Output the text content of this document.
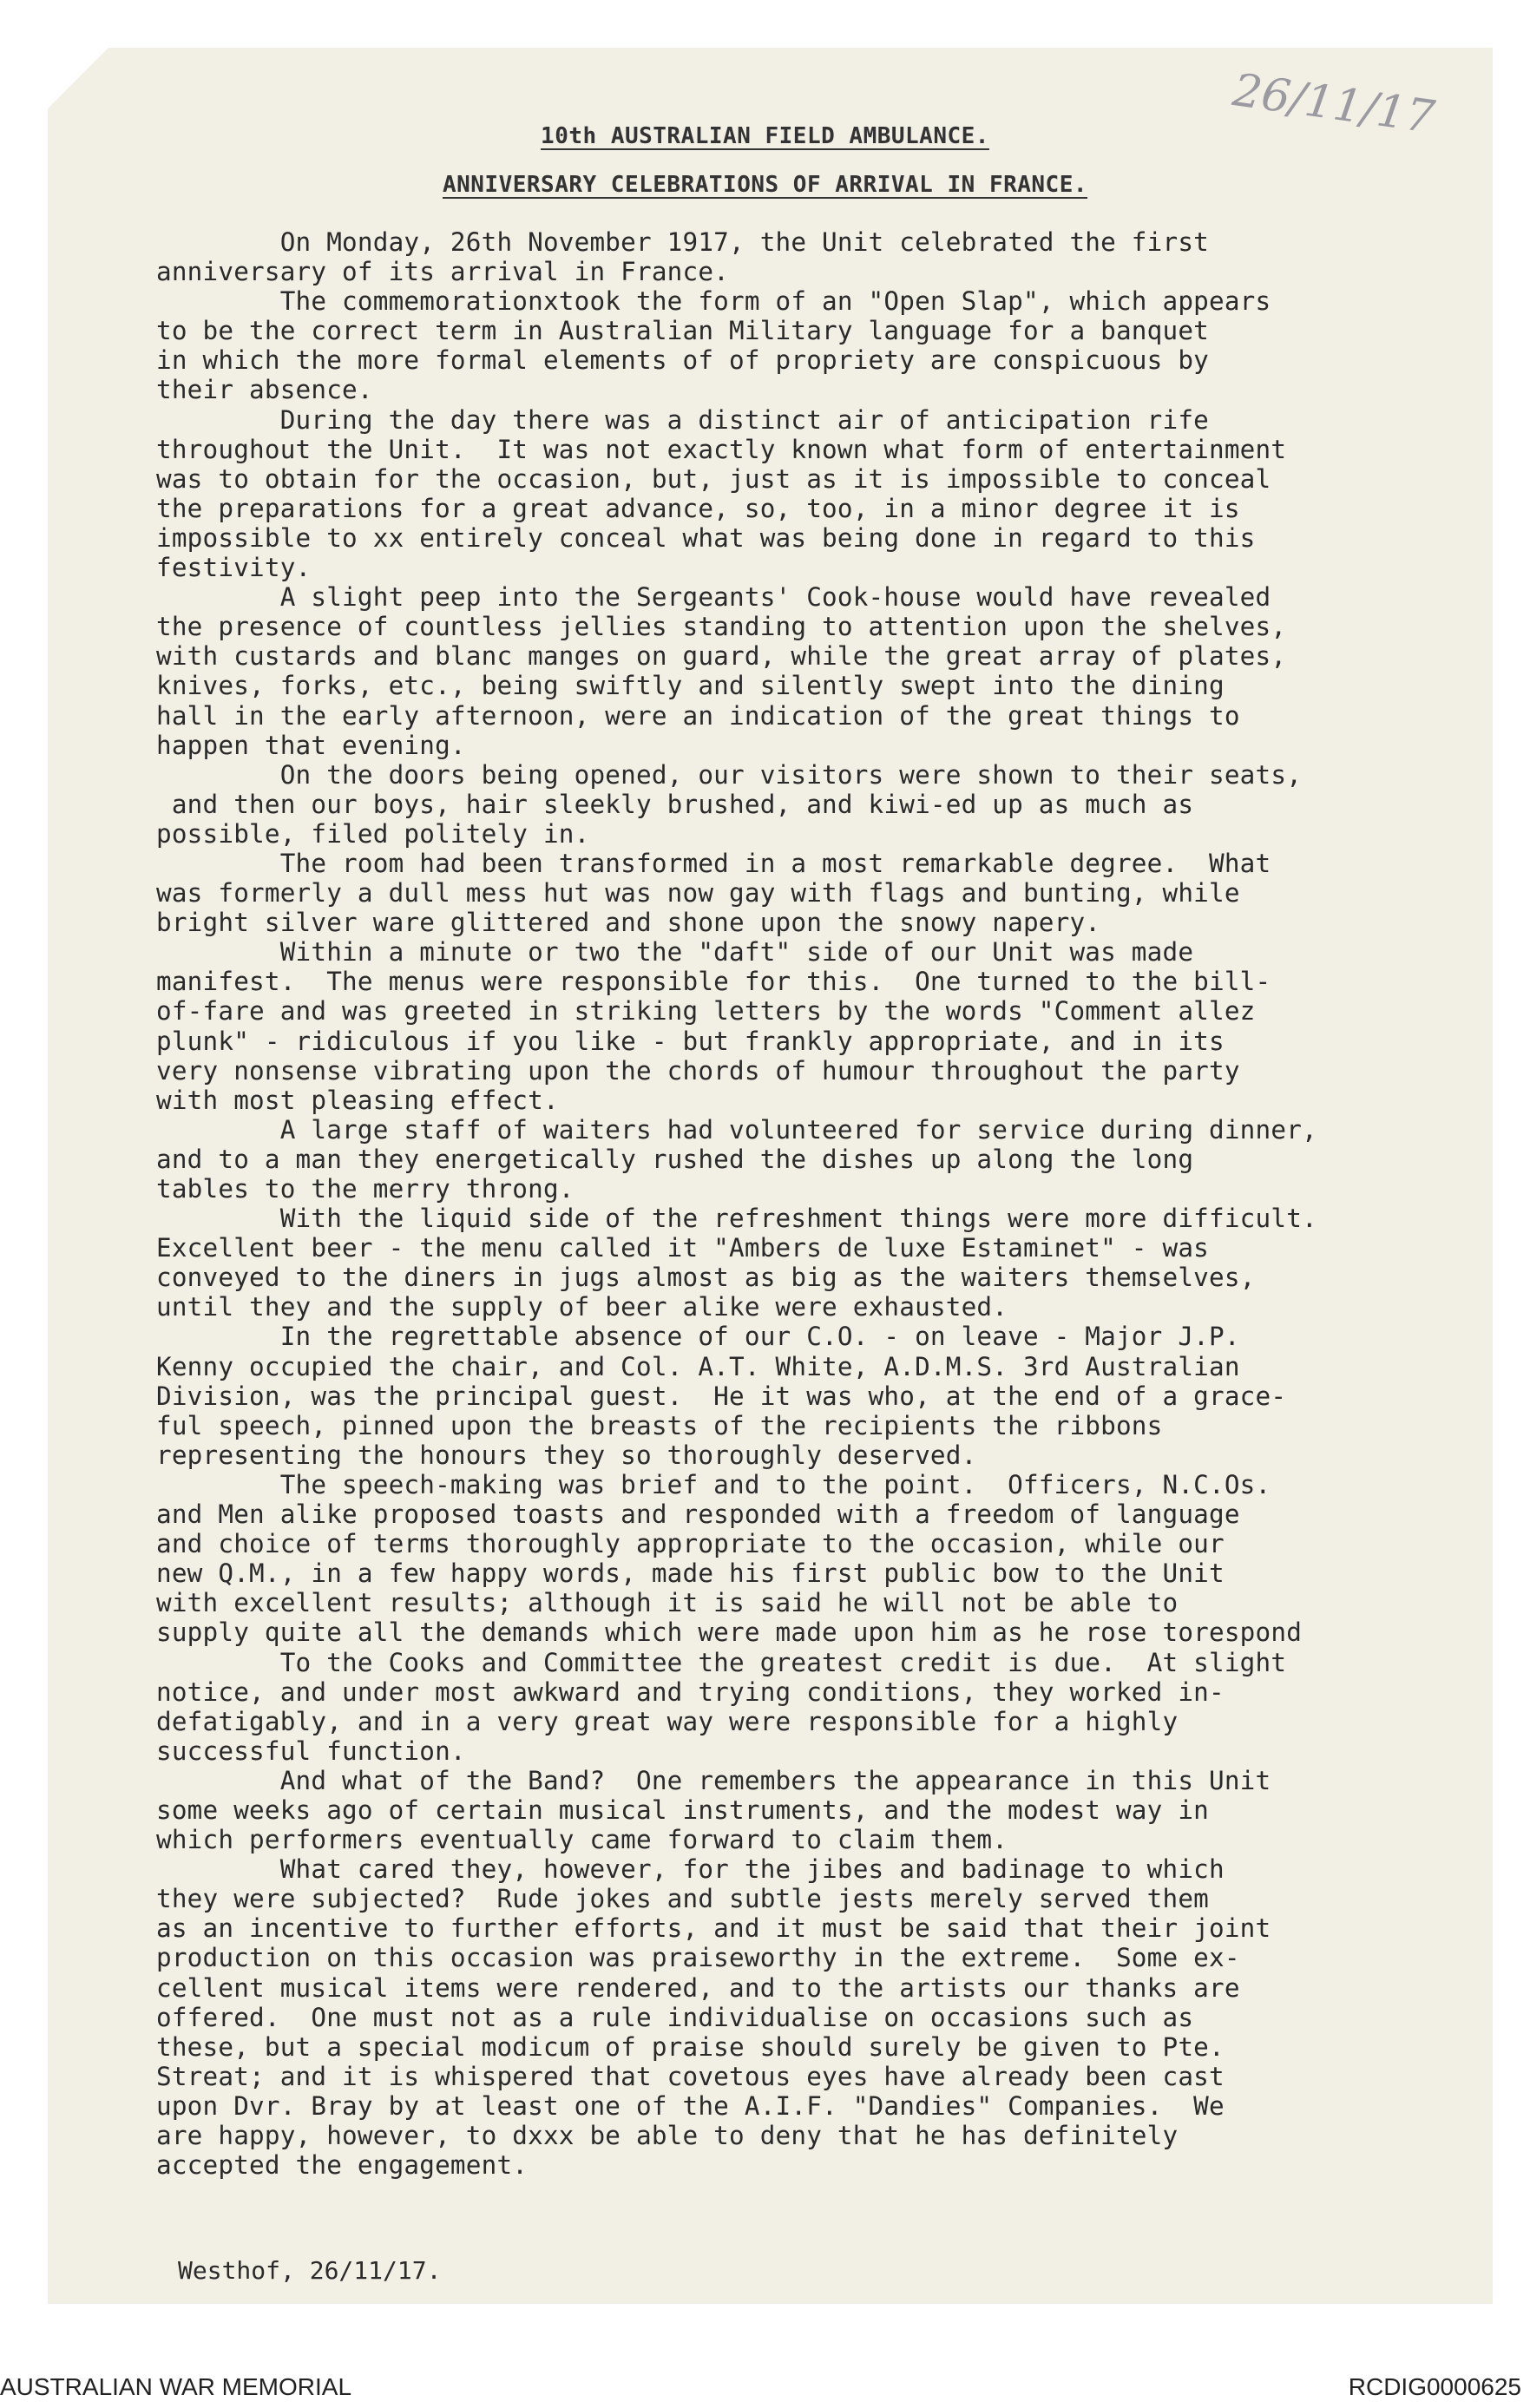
26/11/17
10th AUSTRALIAN FIELD AMBULANCE.
ANNIVERSARY CELEBRATIONS OF ARRIVAL IN FRANCE.
On Monday, 26th November 1917, the Unit celebrated the first
anniversary of its arrival in France.
The commemorationxtook the form of an "Open Slap", which appears
to be the correct term in Australian Military language for a banquet
in which the more formal elements of of propriety are conspicuous by
their absence.
During the day there was a distinct air of anticipation rife
throughout the Unit.  It was not exactly known what form of entertainment
was to obtain for the occasion, but, just as it is impossible to conceal
the preparations for a great advance, so, too, in a minor degree it is
impossible to xx entirely conceal what was being done in regard to this
festivity.
A slight peep into the Sergeants' Cook-house would have revealed
the presence of countless jellies standing to attention upon the shelves,
with custards and blanc manges on guard, while the great array of plates,
knives, forks, etc., being swiftly and silently swept into the dining
hall in the early afternoon, were an indication of the great things to
happen that evening.
On the doors being opened, our visitors were shown to their seats,
and then our boys, hair sleekly brushed, and kiwi-ed up as much as
possible, filed politely in.
The room had been transformed in a most remarkable degree.  What
was formerly a dull mess hut was now gay with flags and bunting, while
bright silver ware glittered and shone upon the snowy napery.
Within a minute or two the "daft" side of our Unit was made
manifest.  The menus were responsible for this.  One turned to the bill-
of-fare and was greeted in striking letters by the words "Comment allez
plunk" - ridiculous if you like - but frankly appropriate, and in its
very nonsense vibrating upon the chords of humour throughout the party
with most pleasing effect.
A large staff of waiters had volunteered for service during dinner,
and to a man they energetically rushed the dishes up along the long
tables to the merry throng.
With the liquid side of the refreshment things were more difficult.
Excellent beer - the menu called it "Ambers de luxe Estaminet" - was
conveyed to the diners in jugs almost as big as the waiters themselves,
until they and the supply of beer alike were exhausted.
In the regrettable absence of our C.O. - on leave - Major J.P.
Kenny occupied the chair, and Col. A.T. White, A.D.M.S. 3rd Australian
Division, was the principal guest.  He it was who, at the end of a grace-
ful speech, pinned upon the breasts of the recipients the ribbons
representing the honours they so thoroughly deserved.
The speech-making was brief and to the point.  Officers, N.C.Os.
and Men alike proposed toasts and responded with a freedom of language
and choice of terms thoroughly appropriate to the occasion, while our
new Q.M., in a few happy words, made his first public bow to the Unit
with excellent results; although it is said he will not be able to
supply quite all the demands which were made upon him as he rose torespond
To the Cooks and Committee the greatest credit is due.  At slight
notice, and under most awkward and trying conditions, they worked in-
defatigably, and in a very great way were responsible for a highly
successful function.
And what of the Band?  One remembers the appearance in this Unit
some weeks ago of certain musical instruments, and the modest way in
which performers eventually came forward to claim them.
What cared they, however, for the jibes and badinage to which
they were subjected?  Rude jokes and subtle jests merely served them
as an incentive to further efforts, and it must be said that their joint
production on this occasion was praiseworthy in the extreme.  Some ex-
cellent musical items were rendered, and to the artists our thanks are
offered.  One must not as a rule individualise on occasions such as
these, but a special modicum of praise should surely be given to Pte.
Streat; and it is whispered that covetous eyes have already been cast
upon Dvr. Bray by at least one of the A.I.F. "Dandies" Companies.  We
are happy, however, to dxxx be able to deny that he has definitely
accepted the engagement.
Westhof, 26/11/17.
AUSTRALIAN WAR MEMORIAL	RCDIG0000625
